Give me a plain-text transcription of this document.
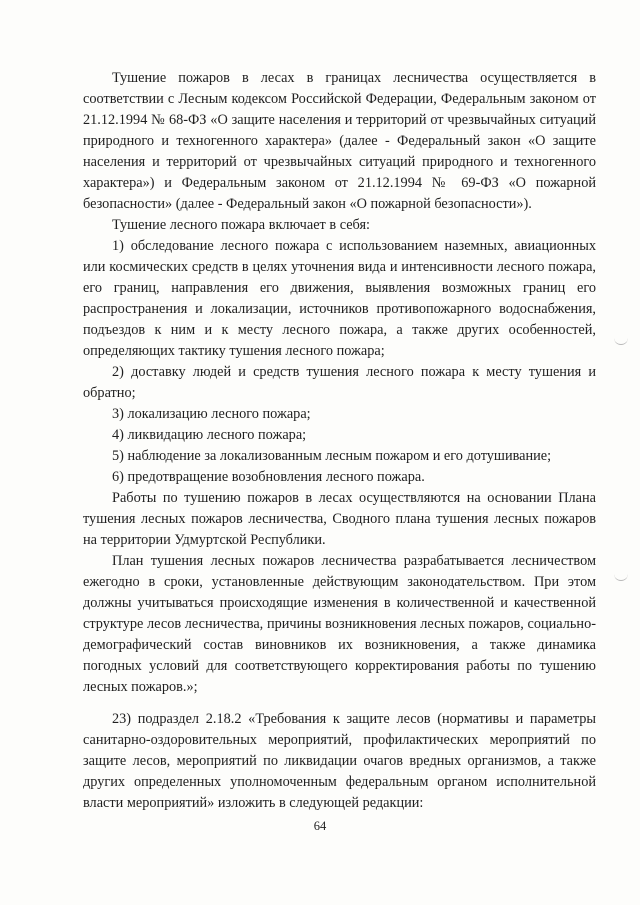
Тушение пожаров в лесах в границах лесничества осуществляется в соответствии с Лесным кодексом Российской Федерации, Федеральным законом от 21.12.1994 № 68-ФЗ «О защите населения и территорий от чрезвычайных ситуаций природного и техногенного характера» (далее - Федеральный закон «О защите населения и территорий от чрезвычайных ситуаций природного и техногенного характера») и Федеральным законом от 21.12.1994 № 69-ФЗ «О пожарной безопасности» (далее - Федеральный закон «О пожарной безопасности»).

Тушение лесного пожара включает в себя:

1) обследование лесного пожара с использованием наземных, авиационных или космических средств в целях уточнения вида и интенсивности лесного пожара, его границ, направления его движения, выявления возможных границ его распространения и локализации, источников противопожарного водоснабжения, подъездов к ним и к месту лесного пожара, а также других особенностей, определяющих тактику тушения лесного пожара;

2) доставку людей и средств тушения лесного пожара к месту тушения и обратно;

3) локализацию лесного пожара;

4) ликвидацию лесного пожара;

5) наблюдение за локализованным лесным пожаром и его дотушивание;

6) предотвращение возобновления лесного пожара.

Работы по тушению пожаров в лесах осуществляются на основании Плана тушения лесных пожаров лесничества, Сводного плана тушения лесных пожаров на территории Удмуртской Республики.

План тушения лесных пожаров лесничества разрабатывается лесничеством ежегодно в сроки, установленные действующим законодательством. При этом должны учитываться происходящие изменения в количественной и качественной структуре лесов лесничества, причины возникновения лесных пожаров, социально-демографический состав виновников их возникновения, а также динамика погодных условий для соответствующего корректирования работы по тушению лесных пожаров.»;

23) подраздел 2.18.2 «Требования к защите лесов (нормативы и параметры санитарно-оздоровительных мероприятий, профилактических мероприятий по защите лесов, мероприятий по ликвидации очагов вредных организмов, а также других определенных уполномоченным федеральным органом исполнительной власти мероприятий» изложить в следующей редакции:

64
